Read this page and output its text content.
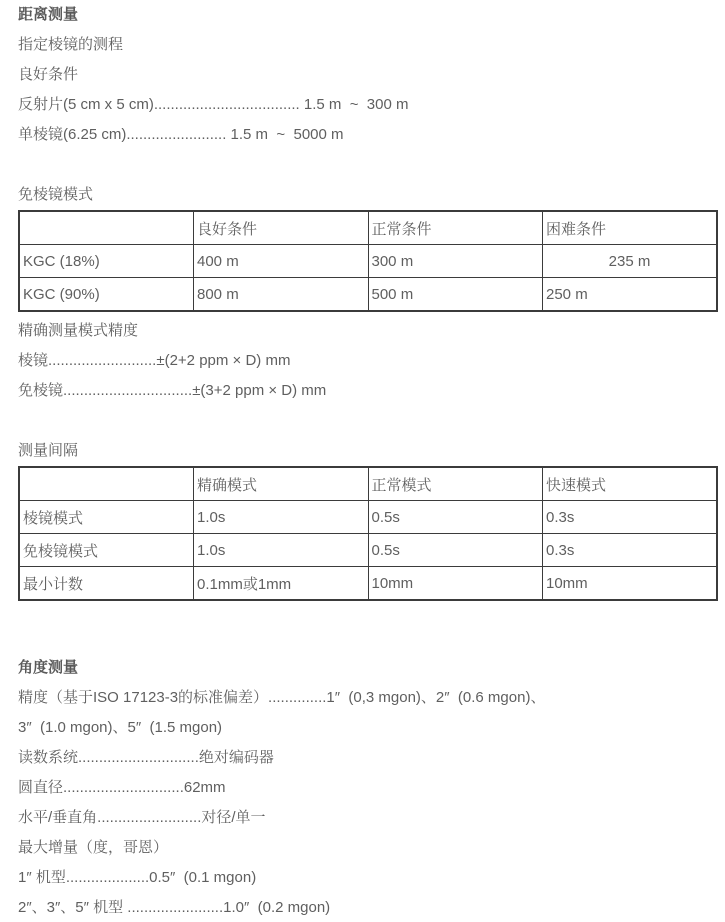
距离测量
指定棱镜的测程
良好条件
反射片(5 cm x 5 cm)................................... 1.5 m  ~  300 m
单棱镜(6.25 cm)........................ 1.5 m  ~  5000 m
免棱镜模式
	良好条件	正常条件	困难条件
KGC (18%)	400 m	300 m	235 m
KGC (90%)	800 m	500 m	250 m
精确测量模式精度
棱镜..........................±(2+2 ppm × D) mm
免棱镜...............................±(3+2 ppm × D) mm
测量间隔
	精确模式	正常模式	快速模式
棱镜模式	1.0s	0.5s	0.3s
免棱镜模式	1.0s	0.5s	0.3s
最小计数	0.1mm或1mm	10mm	10mm
角度测量
精度（基于ISO 17123-3的标准偏差）..............1″  (0,3 mgon)、2″  (0.6 mgon)、
3″  (1.0 mgon)、5″  (1.5 mgon)
读数系统.............................绝对编码器
圆直径.............................62mm
水平/垂直角.........................对径/单一
最大增量（度，哥恩）
1″ 机型....................0.5″  (0.1 mgon)
2″、3″、5″ 机型 .......................1.0″  (0.2 mgon)
